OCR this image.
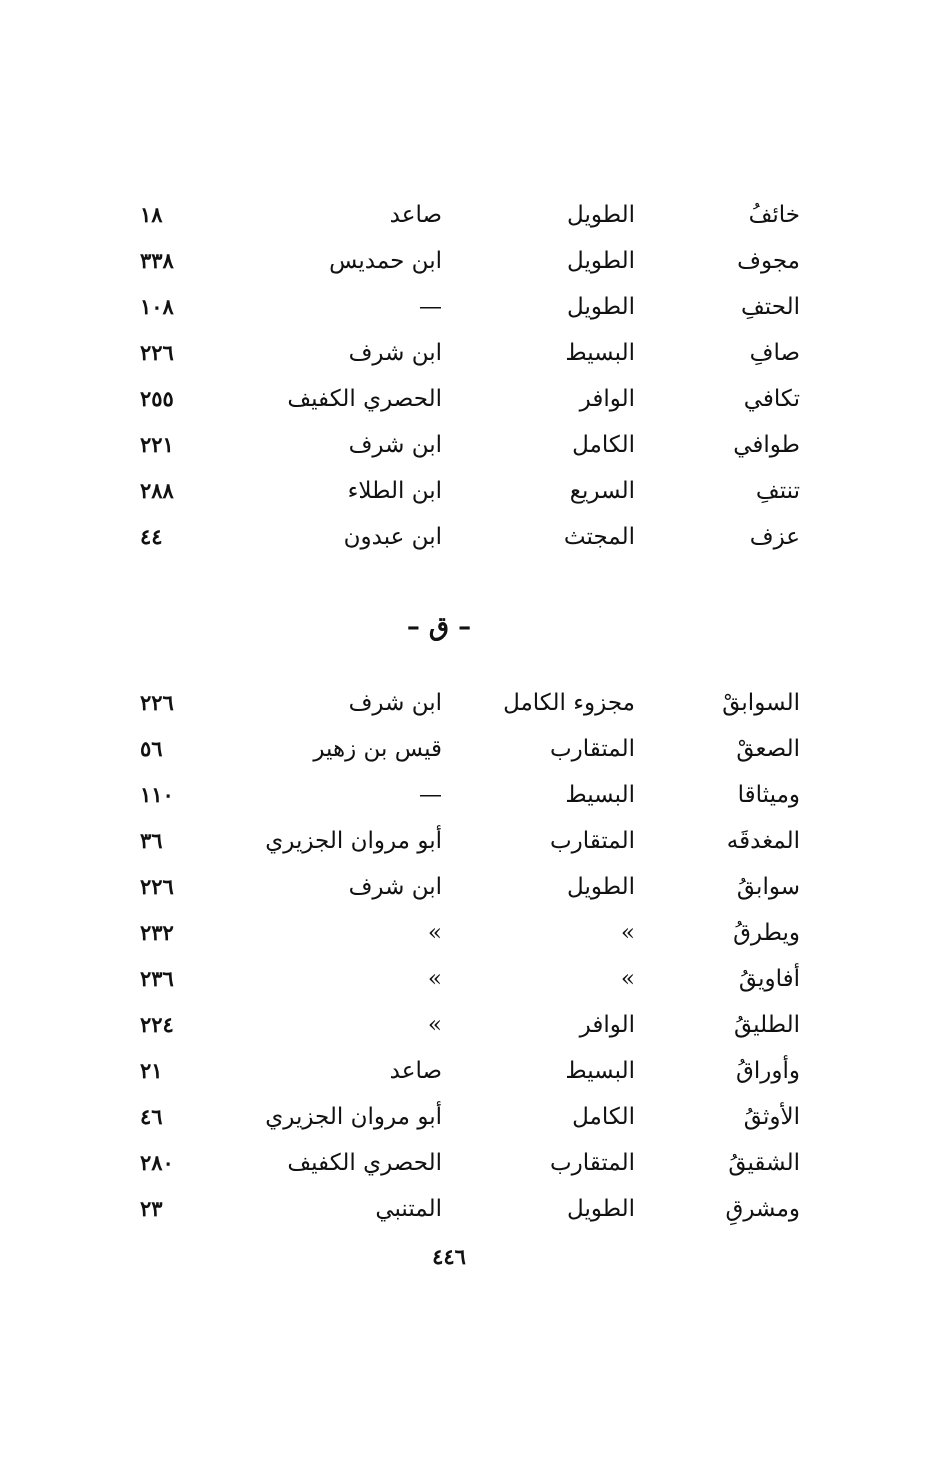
خائفُ
الطويل
صاعد
١٨
مجوف
الطويل
ابن حمديس
٣٣٨
الحتفِ
الطويل
—
١٠٨
صافِ
البسيط
ابن شرف
٢٢٦
تكافي
الوافر
الحصري الكفيف
٢٥٥
طوافي
الكامل
ابن شرف
٢٢١
تنتفِ
السريع
ابن الطلاء
٢٨٨
عزف
المجتث
ابن عبدون
٤٤
– ق –
السوابقْ
مجزوء الكامل
ابن شرف
٢٢٦
الصعقْ
المتقارب
قيس بن زهير
٥٦
وميثاقا
البسيط
—
١١٠
المغدقَه
المتقارب
أبو مروان الجزيري
٣٦
سوابقُ
الطويل
ابن شرف
٢٢٦
ويطرقُ
»
»
٢٣٢
أفاويقُ
»
»
٢٣٦
الطليقُ
الوافر
»
٢٢٤
وأوراقُ
البسيط
صاعد
٢١
الأوثقُ
الكامل
أبو مروان الجزيري
٤٦
الشقيقُ
المتقارب
الحصري الكفيف
٢٨٠
ومشرقِ
الطويل
المتنبي
٢٣
٤٤٦
